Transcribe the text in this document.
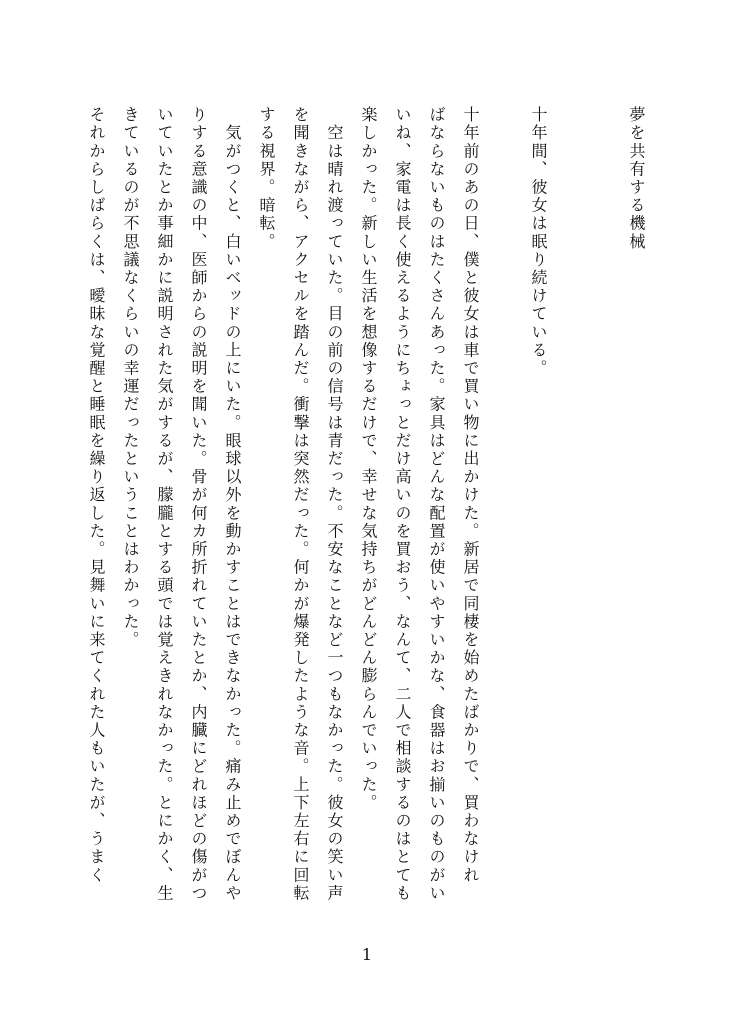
夢を共有する機械
十年間、彼女は眠り続けている。
十年前のあの日、僕と彼女は車で買い物に出かけた。新居で同棲を始めたばかりで、買わなけれ
ばならないものはたくさんあった。家具はどんな配置が使いやすいかな、食器はお揃いのものがい
いね、家電は長く使えるようにちょっとだけ高いのを買おう、なんて、二人で相談するのはとても
楽しかった。新しい生活を想像するだけで、幸せな気持ちがどんどん膨らんでいった。
　空は晴れ渡っていた。目の前の信号は青だった。不安なことなど一つもなかった。彼女の笑い声
を聞きながら、アクセルを踏んだ。衝撃は突然だった。何かが爆発したような音。上下左右に回転
する視界。暗転。
　気がつくと、白いベッドの上にいた。眼球以外を動かすことはできなかった。痛み止めでぼんや
りする意識の中、医師からの説明を聞いた。骨が何カ所折れていたとか、内臓にどれほどの傷がつ
いていたとか事細かに説明された気がするが、朦朧とする頭では覚えきれなかった。とにかく、生
きているのが不思議なくらいの幸運だったということはわかった。
それからしばらくは、曖昧な覚醒と睡眠を繰り返した。見舞いに来てくれた人もいたが、うまく
1
